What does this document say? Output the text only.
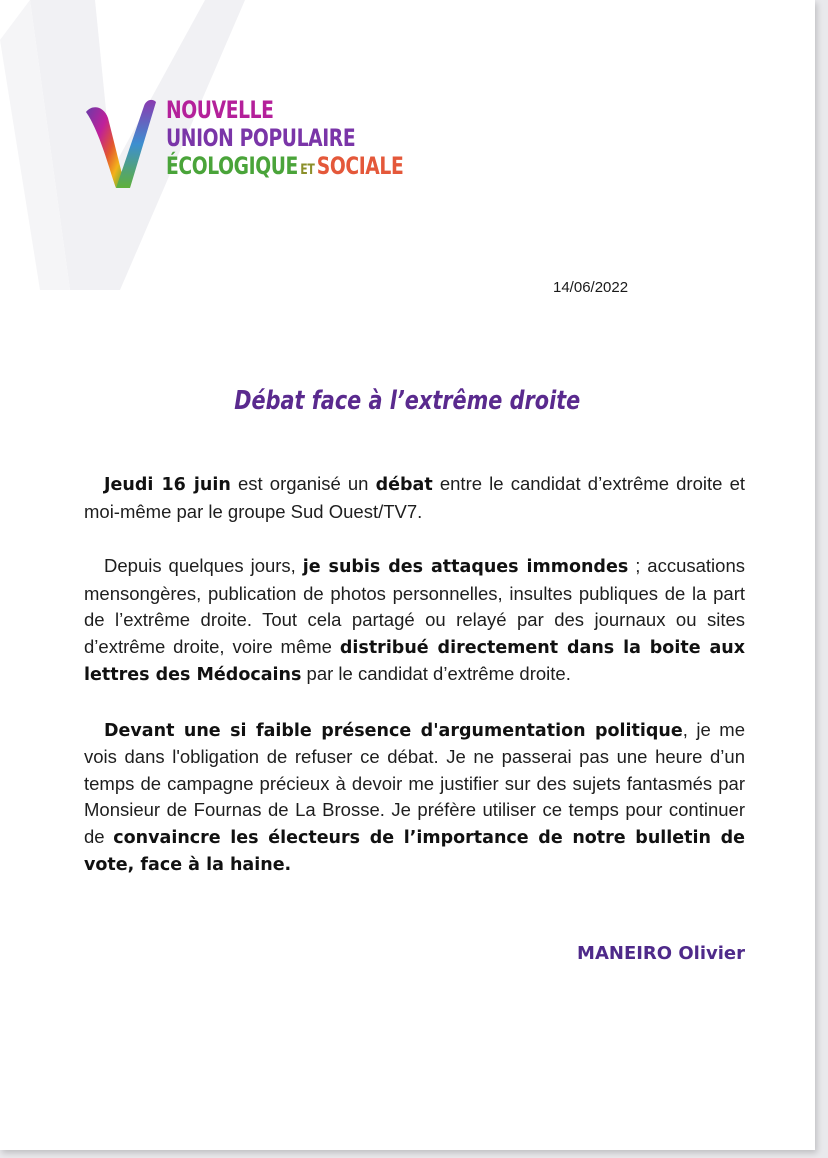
NOUVELLE
UNION POPULAIRE
ÉCOLOGIQUE ETSOCIALE
14/06/2022
Débat face à l’extrême droite

Jeudi 16 juin est organisé un débat entre le candidat d’extrême droite et moi-même par le groupe Sud Ouest/TV7.

Depuis quelques jours, je subis des attaques immondes ; accusations mensongères, publication de photos personnelles, insultes publiques de la part de l’extrême droite. Tout cela partagé ou relayé par des journaux ou sites d’extrême droite, voire même distribué directement dans la boite aux lettres des Médocains par le candidat d’extrême droite.

Devant une si faible présence d'argumentation politique, je me vois dans l'obligation de refuser ce débat. Je ne passerai pas une heure d’un temps de campagne précieux à devoir me justifier sur des sujets fantasmés par Monsieur de Fournas de La Brosse. Je préfère utiliser ce temps pour continuer de convaincre les électeurs de l’importance de notre bulletin de vote, face à la haine.

MANEIRO Olivier
